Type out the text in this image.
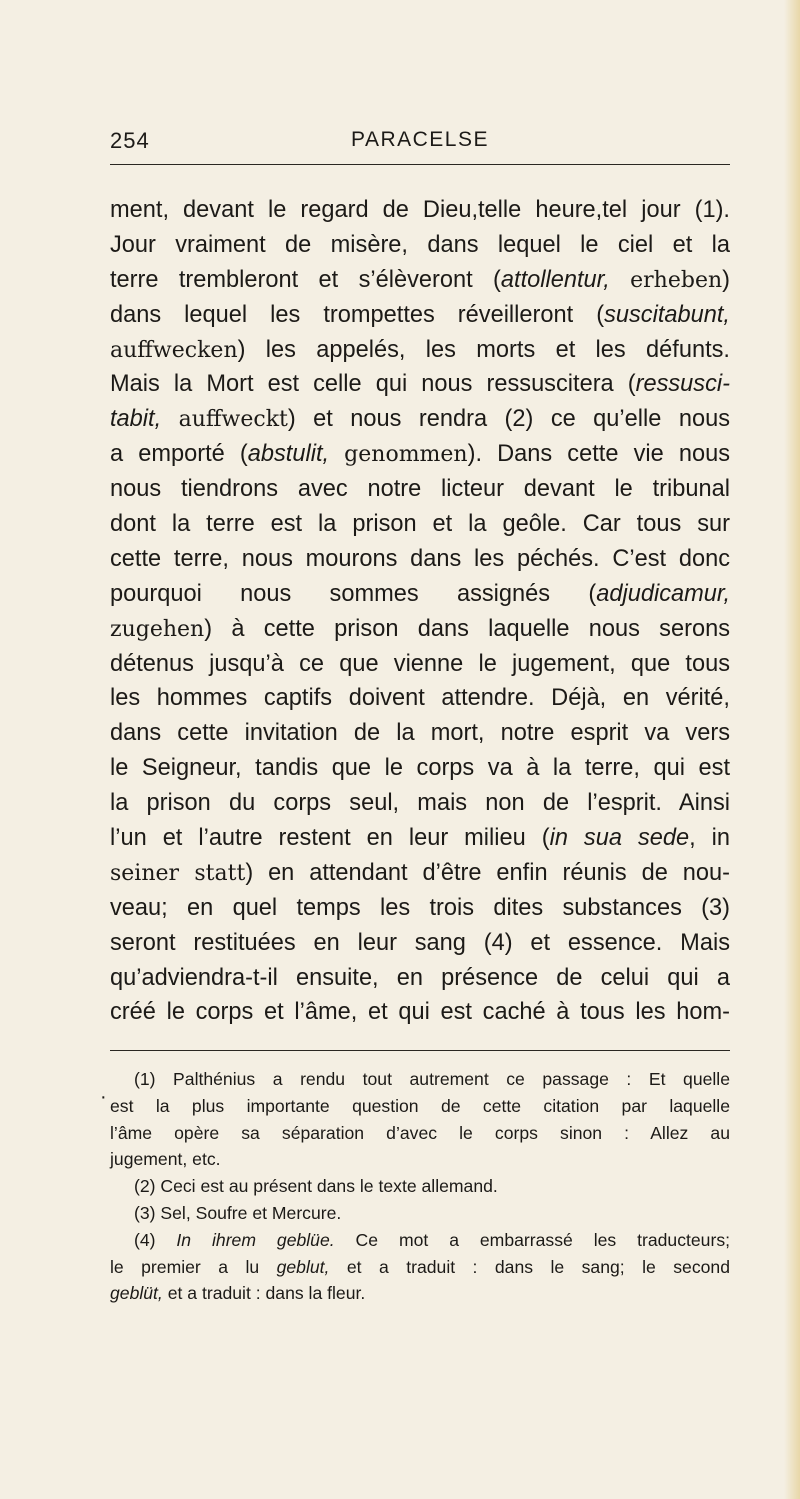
254	PARACELSE
ment, devant le regard de Dieu,telle heure,tel jour (1).
Jour vraiment de misère, dans lequel le ciel et la
terre trembleront et s’élèveront (attollentur, erheben)
dans lequel les trompettes réveilleront (suscitabunt,
auffwecken) les appelés, les morts et les défunts.
Mais la Mort est celle qui nous ressuscitera (ressusci-
tabit, auffweckt) et nous rendra (2) ce qu’elle nous
a emporté (abstulit, genommen). Dans cette vie nous
nous tiendrons avec notre licteur devant le tribunal
dont la terre est la prison et la geôle. Car tous sur
cette terre, nous mourons dans les péchés. C’est donc
pourquoi nous sommes assignés (adjudicamur,
zugehen) à cette prison dans laquelle nous serons
détenus jusqu’à ce que vienne le jugement, que tous
les hommes captifs doivent attendre. Déjà, en vérité,
dans cette invitation de la mort, notre esprit va vers
le Seigneur, tandis que le corps va à la terre, qui est
la prison du corps seul, mais non de l’esprit. Ainsi
l’un et l’autre restent en leur milieu (in sua sede, in
seiner statt) en attendant d’être enfin réunis de nou-
veau; en quel temps les trois dites substances (3)
seront restituées en leur sang (4) et essence. Mais
qu’adviendra-t-il ensuite, en présence de celui qui a
créé le corps et l’âme, et qui est caché à tous les hom-
·
(1) Palthénius a rendu tout autrement ce passage : Et quelle
est la plus importante question de cette citation par laquelle
l’âme opère sa séparation d’avec le corps sinon : Allez au
jugement, etc.
(2) Ceci est au présent dans le texte allemand.
(3) Sel, Soufre et Mercure.
(4) In ihrem geblüe. Ce mot a embarrassé les traducteurs;
le premier a lu geblut, et a traduit : dans le sang; le second
geblüt, et a traduit : dans la fleur.
